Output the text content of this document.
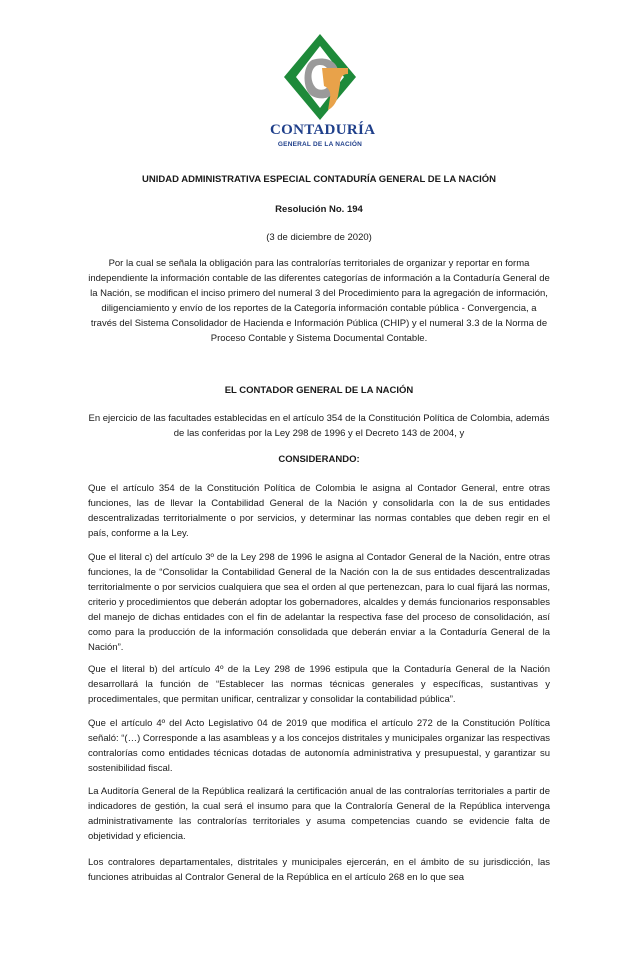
CONTADURÍA
GENERAL DE LA NACIÓN
UNIDAD ADMINISTRATIVA ESPECIAL CONTADURÍA GENERAL DE LA NACIÓN
Resolución No. 194
(3 de diciembre de 2020)
Por la cual se señala la obligación para las contralorías territoriales de organizar y reportar en forma independiente la información contable de las diferentes categorías de información a la Contaduría General de la Nación, se modifican el inciso primero del numeral 3 del Procedimiento para la agregación de información, diligenciamiento y envío de los reportes de la Categoría información contable pública - Convergencia, a través del Sistema Consolidador de Hacienda e Información Pública (CHIP) y el numeral 3.3 de la Norma de Proceso Contable y Sistema Documental Contable.
EL CONTADOR GENERAL DE LA NACIÓN
En ejercicio de las facultades establecidas en el artículo 354 de la Constitución Política de Colombia, además de las conferidas por la Ley 298 de 1996 y el Decreto 143 de 2004, y
CONSIDERANDO:
Que el artículo 354 de la Constitución Política de Colombia le asigna al Contador General, entre otras funciones, las de llevar la Contabilidad General de la Nación y consolidarla con la de sus entidades descentralizadas territorialmente o por servicios, y determinar las normas contables que deben regir en el país, conforme a la Ley.
Que el literal c) del artículo 3º de la Ley 298 de 1996 le asigna al Contador General de la Nación, entre otras funciones, la de “Consolidar la Contabilidad General de la Nación con la de sus entidades descentralizadas territorialmente o por servicios cualquiera que sea el orden al que pertenezcan, para lo cual fijará las normas, criterio y procedimientos que deberán adoptar los gobernadores, alcaldes y demás funcionarios responsables del manejo de dichas entidades con el fin de adelantar la respectiva fase del proceso de consolidación, así como para la producción de la información consolidada que deberán enviar a la Contaduría General de la Nación”.
Que el literal b) del artículo 4º de la Ley 298 de 1996 estipula que la Contaduría General de la Nación desarrollará la función de “Establecer las normas técnicas generales y específicas, sustantivas y procedimentales, que permitan unificar, centralizar y consolidar la contabilidad pública”.
Que el artículo 4º del Acto Legislativo 04 de 2019 que modifica el artículo 272 de la Constitución Política señaló: “(…) Corresponde a las asambleas y a los concejos distritales y municipales organizar las respectivas contralorías como entidades técnicas dotadas de autonomía administrativa y presupuestal, y garantizar su sostenibilidad fiscal.
La Auditoría General de la República realizará la certificación anual de las contralorías territoriales a partir de indicadores de gestión, la cual será el insumo para que la Contraloría General de la República intervenga administrativamente las contralorías territoriales y asuma competencias cuando se evidencie falta de objetividad y eficiencia.
Los contralores departamentales, distritales y municipales ejercerán, en el ámbito de su jurisdicción, las funciones atribuidas al Contralor General de la República en el artículo 268 en lo que sea
